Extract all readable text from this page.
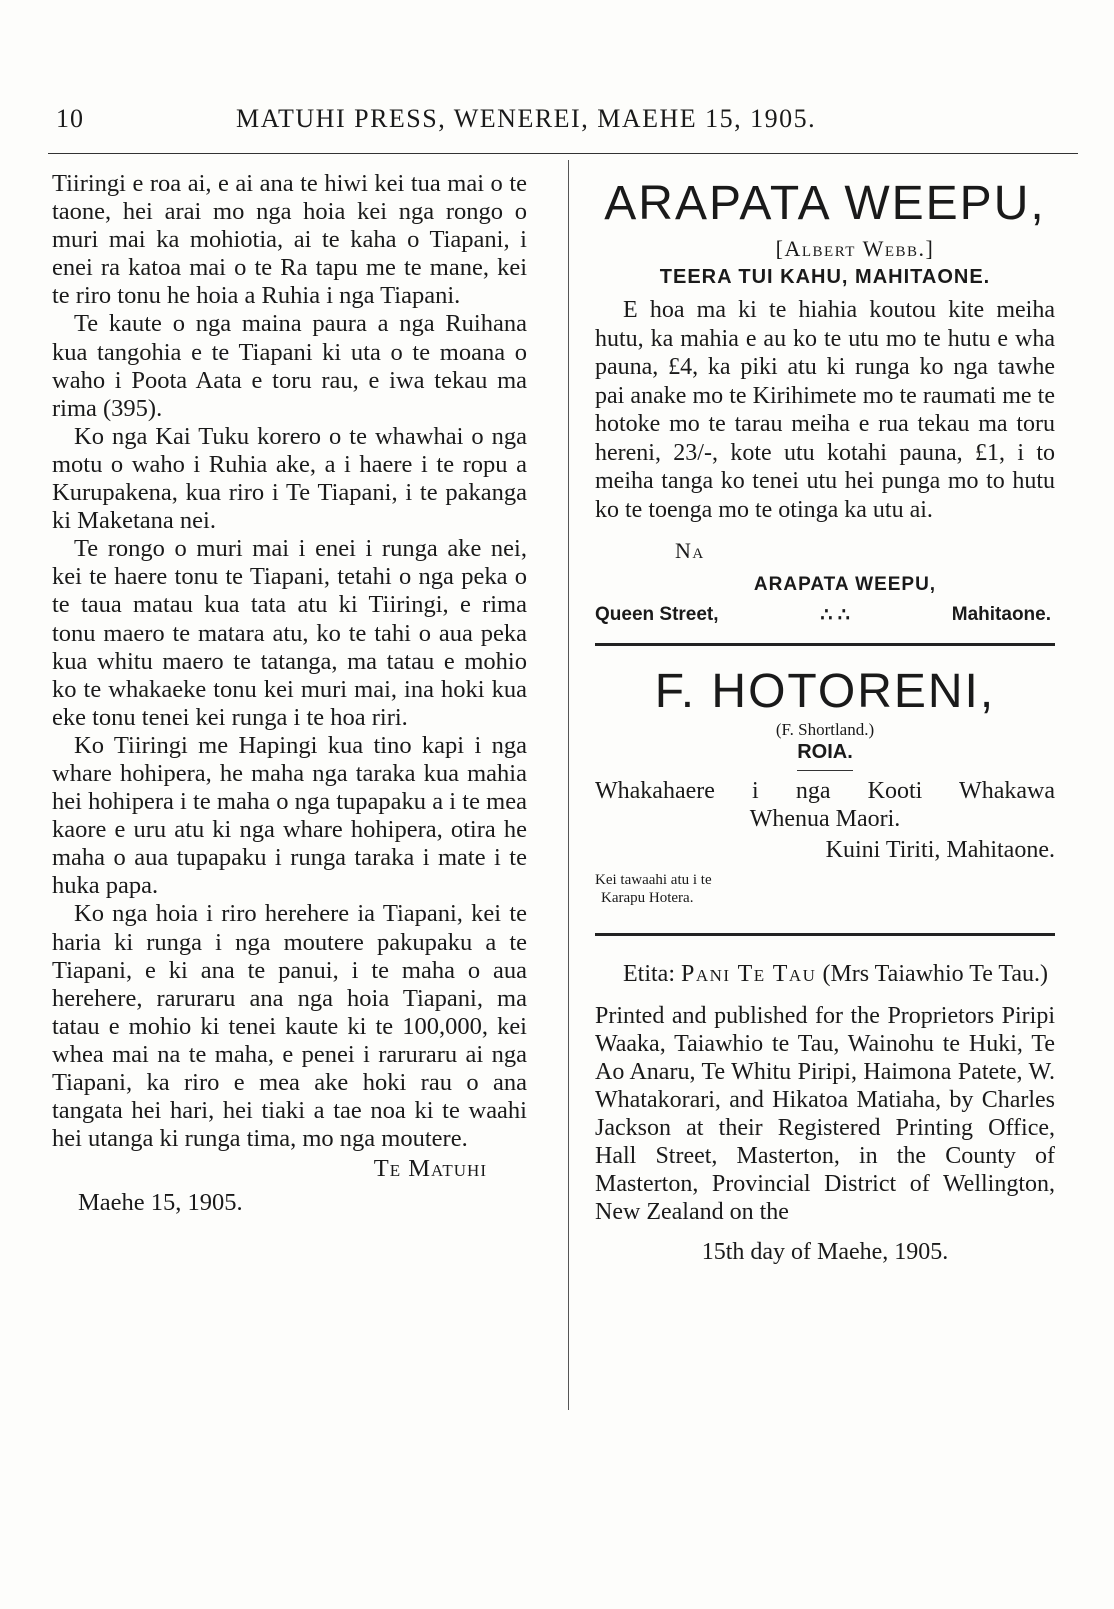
10	MATUHI PRESS, WENEREI, MAEHE 15, 1905.

Tiiringi e roa ai, e ai ana te hiwi kei tua mai o te taone, hei arai mo nga hoia kei nga rongo o muri mai ka mohiotia, ai te kaha o Tiapani, i enei ra katoa mai o te Ra tapu me te mane, kei te riro tonu he hoia a Ruhia i nga Tiapani.

Te kaute o nga maina paura a nga Ruihana kua tangohia e te Tiapani ki uta o te moana o waho i Poota Aata e toru rau, e iwa tekau ma rima (395).

Ko nga Kai Tuku korero o te whawhai o nga motu o waho i Ruhia ake, a i haere i te ropu a Kurupakena, kua riro i Te Tiapani, i te pakanga ki Maketana nei.

Te rongo o muri mai i enei i runga ake nei, kei te haere tonu te Tiapani, tetahi o nga peka o te taua matau kua tata atu ki Tiiringi, e rima tonu maero te matara atu, ko te tahi o aua peka kua whitu maero te tatanga, ma tatau e mohio ko te whakaeke tonu kei muri mai, ina hoki kua eke tonu tenei kei runga i te hoa riri.

Ko Tiiringi me Hapingi kua tino kapi i nga whare hohipera, he maha nga taraka kua mahia hei hohipera i te maha o nga tupapaku a i te mea kaore e uru atu ki nga whare hohipera, otira he maha o aua tupapaku i runga taraka i mate i te huka papa.

Ko nga hoia i riro herehere ia Tiapani, kei te haria ki runga i nga moutere pakupaku a te Tiapani, e ki ana te panui, i te maha o aua herehere, raruraru ana nga hoia Tiapani, ma tatau e mohio ki tenei kaute ki te 100,000, kei whea mai na te maha, e penei i raruraru ai nga Tiapani, ka riro e mea ake hoki rau o ana tangata hei hari, hei tiaki a tae noa ki te waahi hei utanga ki runga tima, mo nga moutere.

Te Matuhi
Maehe 15, 1905.
ARAPATA WEEPU,
[Albert Webb.]
TEERA TUI KAHU, MAHITAONE.

E hoa ma ki te hiahia koutou kite meiha hutu, ka mahia e au ko te utu mo te hutu e wha pauna, £4, ka piki atu ki runga ko nga tawhe pai anake mo te Kirihimete mo te raumati me te hotoke mo te tarau meiha e rua tekau ma toru hereni, 23/-, kote utu kotahi pauna, £1, i to meiha tanga ko tenei utu hei punga mo to hutu ko te toenga mo te otinga ka utu ai.

Na
ARAPATA WEEPU,
Queen Street,	∴ ∴	Mahitaone.
F. HOTORENI,
(F. Shortland.)
ROIA.
Whakahaere i nga Kooti Whakawa
Whenua Maori.
Kuini Tiriti, Mahitaone.
Kei tawaahi atu i te
Karapu Hotera.
Etita: Pani Te Tau (Mrs Taiawhio Te Tau.)

Printed and published for the Proprietors Piripi Waaka, Taiawhio te Tau, Wainohu te Huki, Te Ao Anaru, Te Whitu Piripi, Haimona Patete, W. Whatakorari, and Hikatoa Matiaha, by Charles Jackson at their Registered Printing Office, Hall Street, Masterton, in the County of Masterton, Provincial District of Wellington, New Zealand on the

15th day of Maehe, 1905.
